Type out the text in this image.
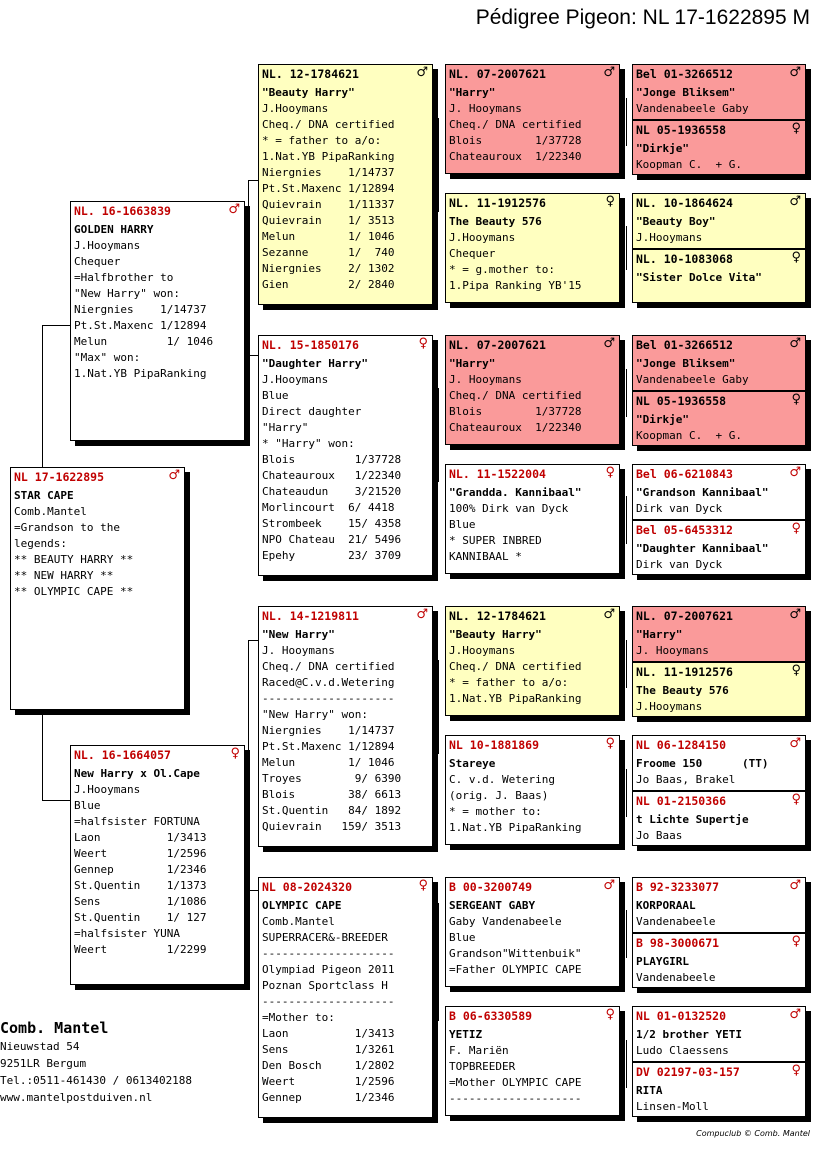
Pédigree Pigeon: NL 17-1622895 M
NL 17-1622895	♂
STAR CAPE
Comb.Mantel
=Grandson to the
legends:
** BEAUTY HARRY **
** NEW HARRY **
** OLYMPIC CAPE **
NL. 16-1663839	♂
GOLDEN HARRY
J.Hooymans
Chequer
=Halfbrother to
"New Harry" won:
Niergnies    1/14737
Pt.St.Maxenc 1/12894
Melun         1/ 1046
"Max" won:
1.Nat.YB PipaRanking
NL. 16-1664057	♀
New Harry x Ol.Cape
J.Hooymans
Blue
=halfsister FORTUNA
Laon          1/3413
Weert         1/2596
Gennep        1/2346
St.Quentin    1/1373
Sens          1/1086
St.Quentin    1/ 127
=halfsister YUNA
Weert         1/2299
NL. 12-1784621	♂
"Beauty Harry"
J.Hooymans
Cheq./ DNA certified
* = father to a/o:
1.Nat.YB PipaRanking
Niergnies    1/14737
Pt.St.Maxenc 1/12894
Quievrain    1/11337
Quievrain    1/ 3513
Melun        1/ 1046
Sezanne      1/  740
Niergnies    2/ 1302
Gien         2/ 2840
NL. 15-1850176	♀
"Daughter Harry"
J.Hooymans
Blue
Direct daughter
"Harry"
* "Harry" won:
Blois         1/37728
Chateauroux   1/22340
Chateaudun    3/21520
Morlincourt  6/ 4418
Strombeek    15/ 4358
NPO Chateau  21/ 5496
Epehy        23/ 3709
NL. 14-1219811	♂
"New Harry"
J. Hooymans
Cheq./ DNA certified
Raced@C.v.d.Wetering
--------------------
"New Harry" won:
Niergnies    1/14737
Pt.St.Maxenc 1/12894
Melun        1/ 1046
Troyes        9/ 6390
Blois        38/ 6613
St.Quentin   84/ 1892
Quievrain   159/ 3513
NL 08-2024320	♀
OLYMPIC CAPE
Comb.Mantel
SUPERRACER&-BREEDER
--------------------
Olympiad Pigeon 2011
Poznan Sportclass H
--------------------
=Mother to:
Laon          1/3413
Sens          1/3261
Den Bosch     1/2802
Weert         1/2596
Gennep        1/2346
NL. 07-2007621	♂
"Harry"
J. Hooymans
Cheq./ DNA certified
Blois        1/37728
Chateauroux  1/22340
NL. 11-1912576	♀
The Beauty 576
J.Hooymans
Chequer
* = g.mother to:
1.Pipa Ranking YB'15
NL. 07-2007621	♂
"Harry"
J. Hooymans
Cheq./ DNA certified
Blois        1/37728
Chateauroux  1/22340
NL. 11-1522004	♀
"Grandda. Kannibaal"
100% Dirk van Dyck
Blue
* SUPER INBRED
KANNIBAAL *
NL. 12-1784621	♂
"Beauty Harry"
J.Hooymans
Cheq./ DNA certified
* = father to a/o:
1.Nat.YB PipaRanking
NL 10-1881869	♀
Stareye
C. v.d. Wetering
(orig. J. Baas)
* = mother to:
1.Nat.YB PipaRanking
B 00-3200749	♂
SERGEANT GABY
Gaby Vandenabeele
Blue
Grandson"Wittenbuik"
=Father OLYMPIC CAPE
B 06-6330589	♀
YETIZ
F. Mariën
TOPBREEDER
=Mother OLYMPIC CAPE
--------------------
Bel 01-3266512	♂
"Jonge Bliksem"
Vandenabeele Gaby
NL 05-1936558	♀
"Dirkje"
Koopman C.  + G.
NL. 10-1864624	♂
"Beauty Boy"
J.Hooymans
NL. 10-1083068	♀
"Sister Dolce Vita"
Bel 01-3266512	♂
"Jonge Bliksem"
Vandenabeele Gaby
NL 05-1936558	♀
"Dirkje"
Koopman C.  + G.
Bel 06-6210843	♂
"Grandson Kannibaal"
Dirk van Dyck
Bel 05-6453312	♀
"Daughter Kannibaal"
Dirk van Dyck
NL. 07-2007621	♂
"Harry"
J. Hooymans
NL. 11-1912576	♀
The Beauty 576
J.Hooymans
NL 06-1284150	♂
Froome 150      (TT)
Jo Baas, Brakel
NL 01-2150366	♀
t Lichte Supertje
Jo Baas
B 92-3233077	♂
KORPORAAL
Vandenabeele
B 98-3000671	♀
PLAYGIRL
Vandenabeele
NL 01-0132520	♂
1/2 brother YETI
Ludo Claessens
DV 02197-03-157	♀
RITA
Linsen-Moll
Comb. Mantel
Nieuwstad 54
9251LR Bergum
Tel.:0511-461430 / 0613402188
www.mantelpostduiven.nl
Compuclub © Comb. Mantel
